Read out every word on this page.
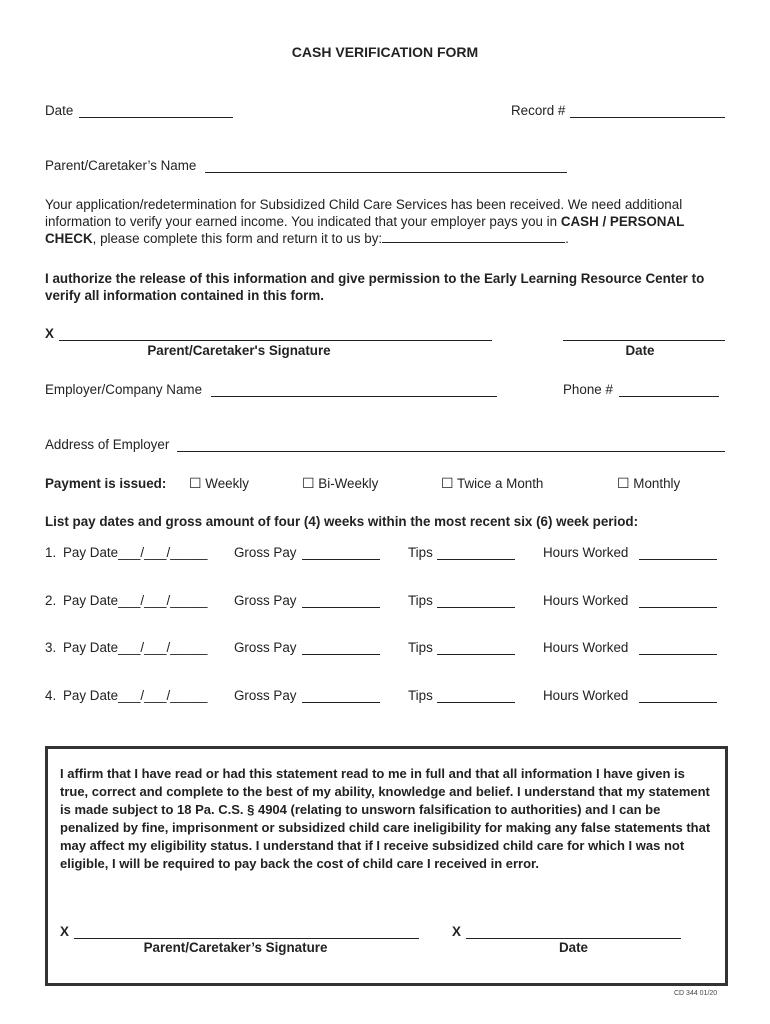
CASH VERIFICATION FORM
Date	Record #
Parent/Caretaker’s Name
Your application/redetermination for Subsidized Child Care Services has been received. We need additional information to verify your earned income. You indicated that your employer pays you in CASH / PERSONAL CHECK, please complete this form and return it to us by:	.
I authorize the release of this information and give permission to the Early Learning Resource Center to verify all information contained in this form.
X
Parent/Caretaker's Signature	Date
Employer/Company Name	Phone #
Address of Employer
Payment is issued: ☐ Weekly	☐ Bi-Weekly	☐ Twice a Month	☐ Monthly
List pay dates and gross amount of four (4) weeks within the most recent six (6) week period:
1. Pay Date___/___/_____ Gross Pay	Tips	Hours Worked
2. Pay Date___/___/_____ Gross Pay	Tips	Hours Worked
3. Pay Date___/___/_____ Gross Pay	Tips	Hours Worked
4. Pay Date___/___/_____ Gross Pay	Tips	Hours Worked
I affirm that I have read or had this statement read to me in full and that all information I have given is true, correct and complete to the best of my ability, knowledge and belief. I understand that my statement is made subject to 18 Pa. C.S. § 4904 (relating to unsworn falsification to authorities) and I can be penalized by fine, imprisonment or subsidized child care ineligibility for making any false statements that may affect my eligibility status. I understand that if I receive subsidized child care for which I was not eligible, I will be required to pay back the cost of child care I received in error.
X
Parent/Caretaker’s Signature
X
Date
CD 344 01/20
